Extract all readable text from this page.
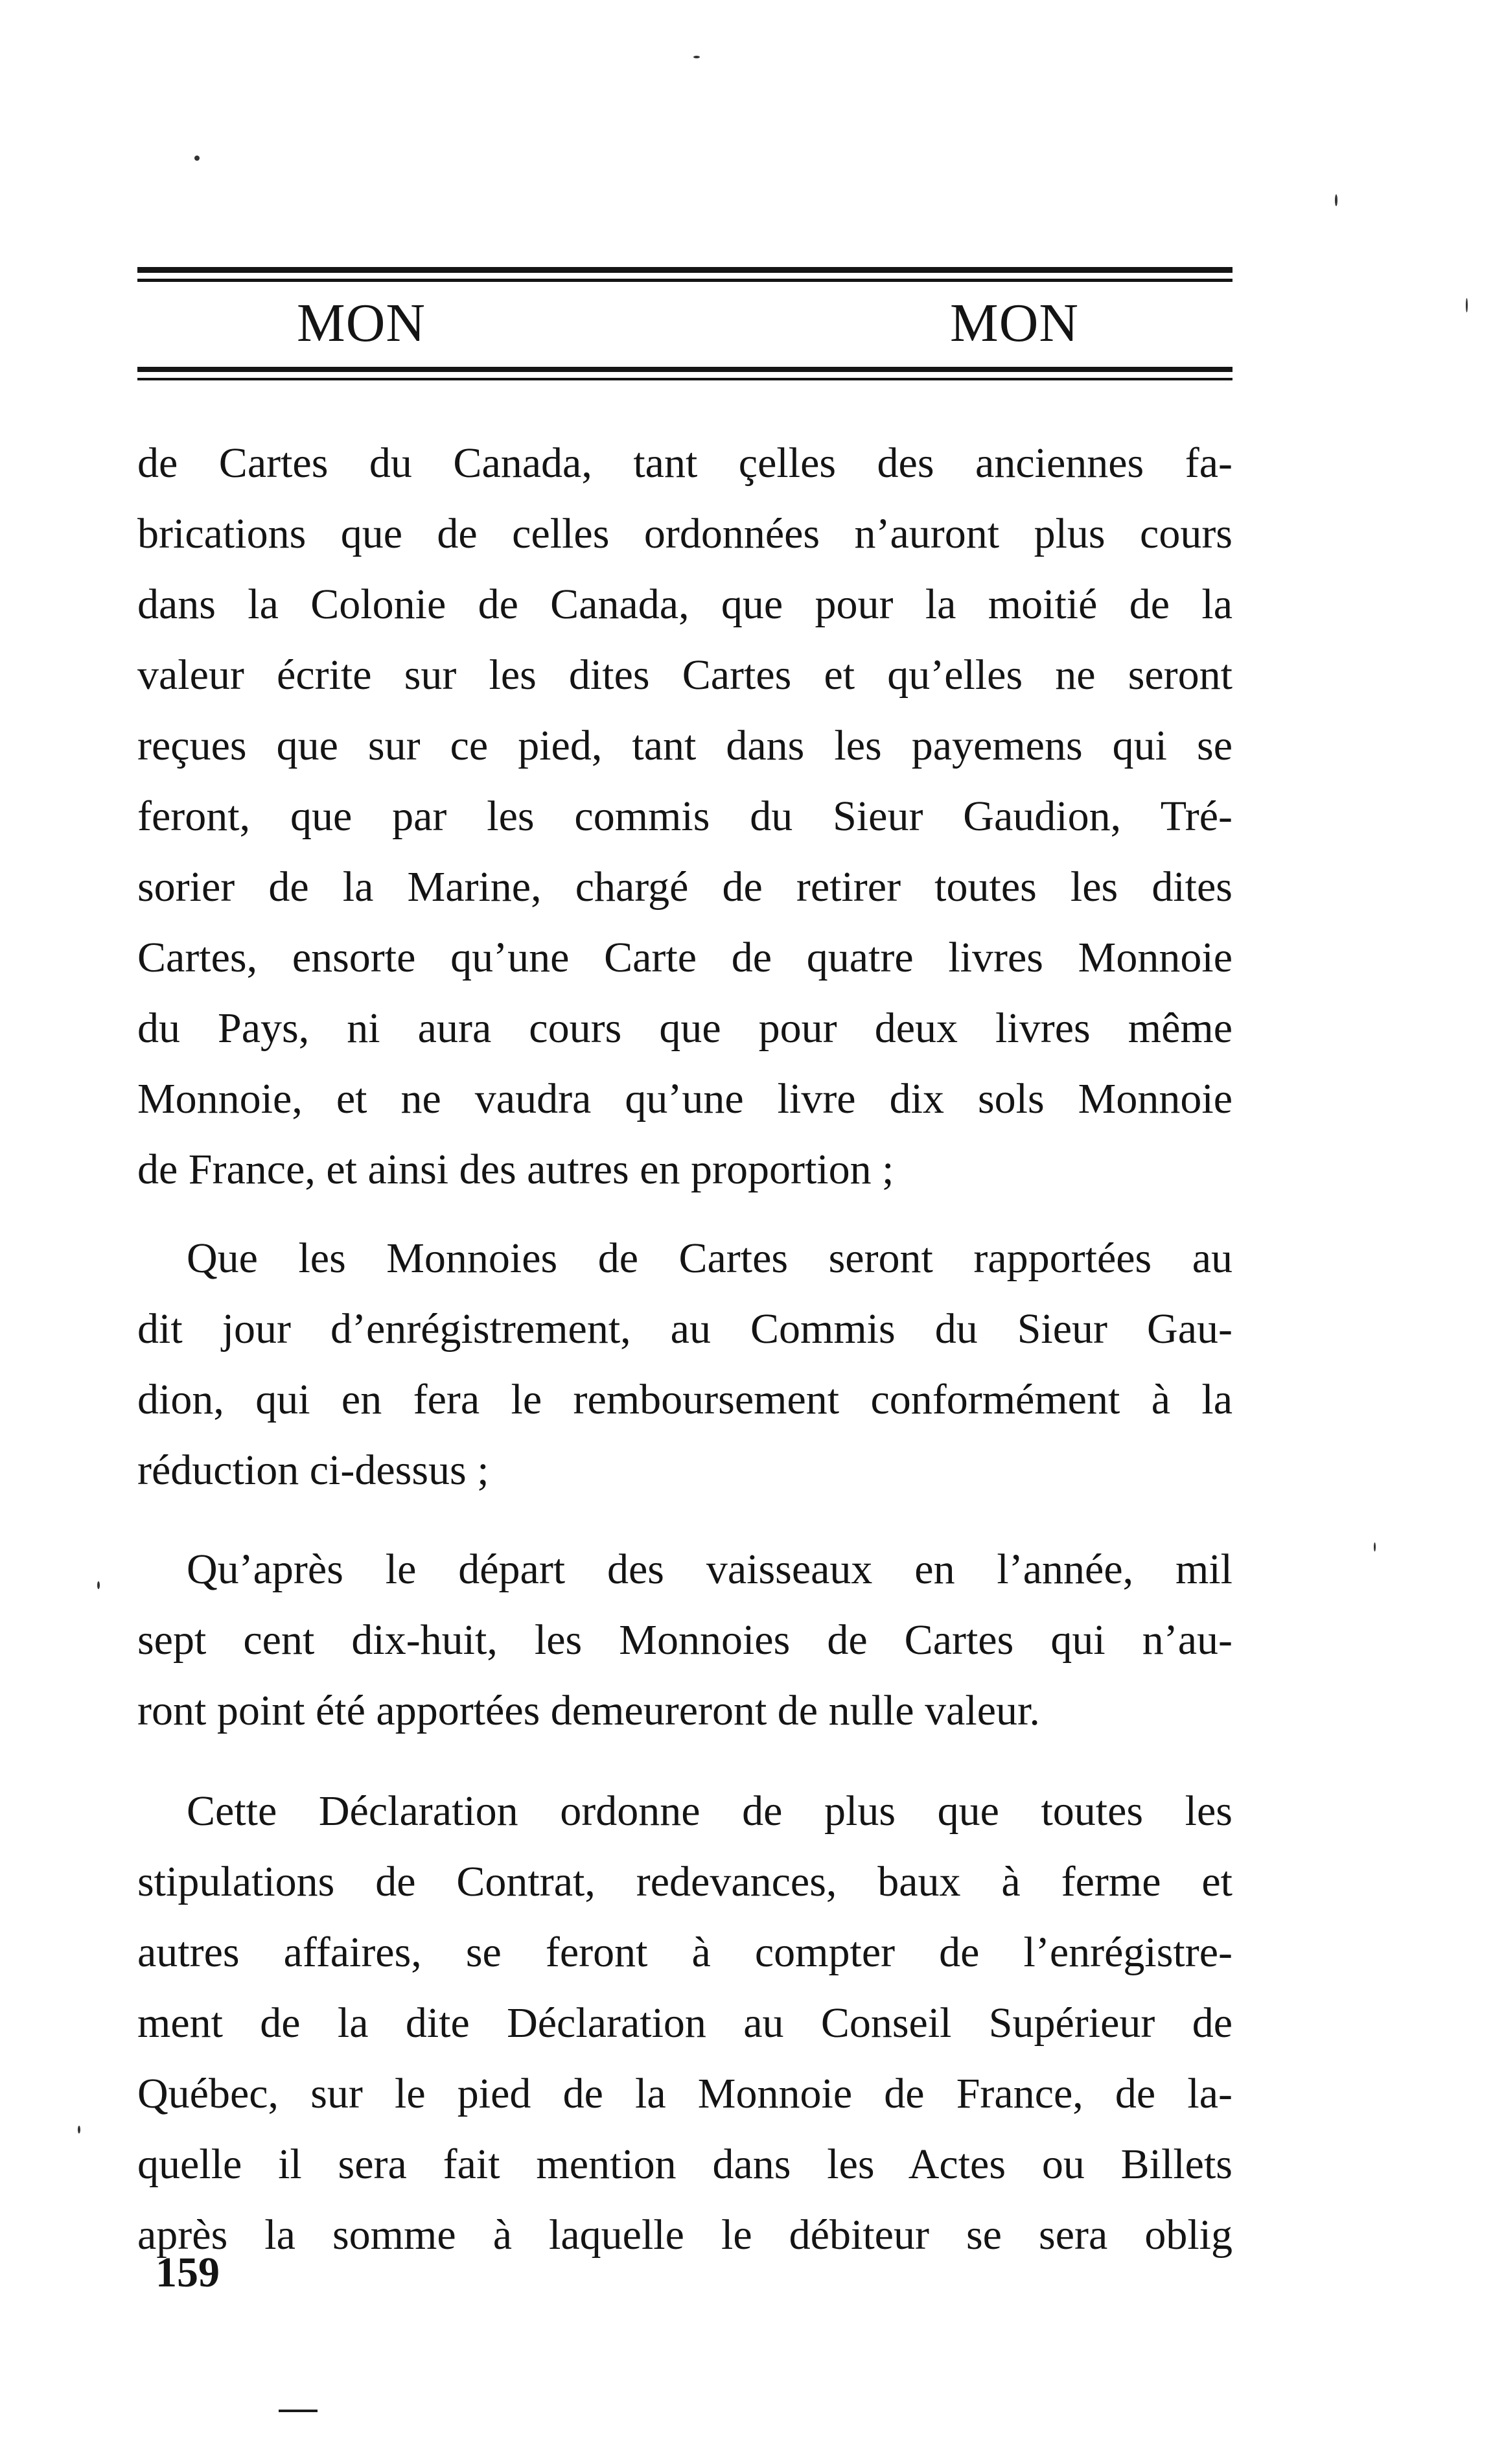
MON	MON
de Cartes du Canada, tant çelles des anciennes fa-
brications que de celles ordonnées n’auront plus cours
dans la Colonie de Canada, que pour la moitié de la
valeur écrite sur les dites Cartes et qu’elles ne seront
reçues que sur ce pied, tant dans les payemens qui se
feront, que par les commis du Sieur Gaudion, Tré-
sorier de la Marine, chargé de retirer toutes les dites
Cartes, ensorte qu’une Carte de quatre livres Monnoie
du Pays, ni aura cours que pour deux livres même
Monnoie, et ne vaudra qu’une livre dix sols Monnoie
de France, et ainsi des autres en proportion ;
Que les Monnoies de Cartes seront rapportées au
dit jour d’enrégistrement, au Commis du Sieur Gau-
dion, qui en fera le remboursement conformément à la
réduction ci-dessus ;
Qu’après le départ des vaisseaux en l’année, mil
sept cent dix-huit, les Monnoies de Cartes qui n’au-
ront point été apportées demeureront de nulle valeur.
Cette Déclaration ordonne de plus que toutes les
stipulations de Contrat, redevances, baux à ferme et
autres affaires, se feront à compter de l’enrégistre-
ment de la dite Déclaration au Conseil Supérieur de
Québec, sur le pied de la Monnoie de France, de la-
quelle il sera fait mention dans les Actes ou Billets
après la somme à laquelle le débiteur se sera oblig
159
